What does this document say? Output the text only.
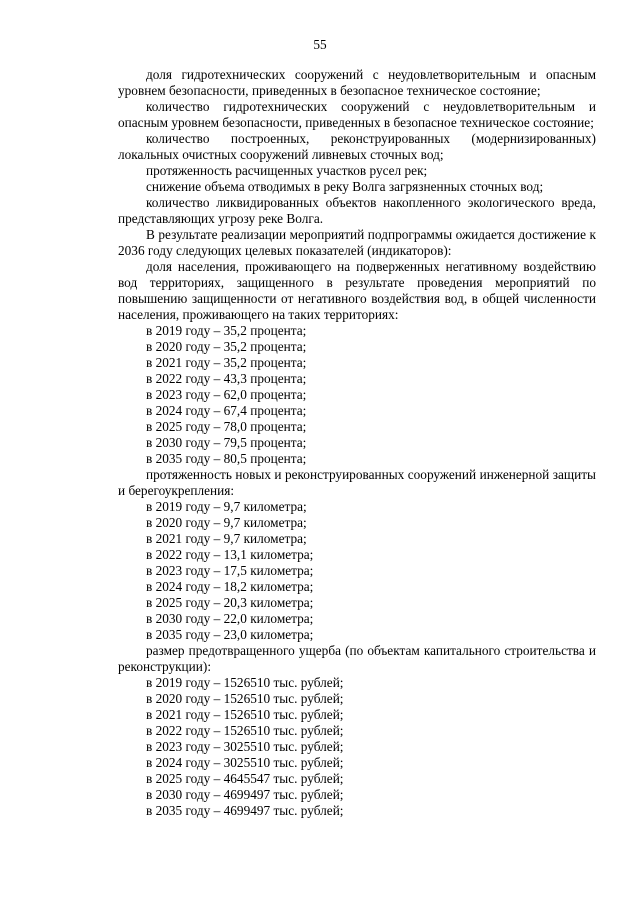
55

доля гидротехнических сооружений с неудовлетворительным и опасным уровнем безопасности, приведенных в безопасное техническое состояние;

количество гидротехнических сооружений с неудовлетворительным и опасным уровнем безопасности, приведенных в безопасное техническое состояние;

количество построенных, реконструированных (модернизированных) локальных очистных сооружений ливневых сточных вод;

протяженность расчищенных участков русел рек;

снижение объема отводимых в реку Волга загрязненных сточных вод;

количество ликвидированных объектов накопленного экологического вреда, представляющих угрозу реке Волга.

В результате реализации мероприятий подпрограммы ожидается достижение к 2036 году следующих целевых показателей (индикаторов):

доля населения, проживающего на подверженных негативному воздействию вод территориях, защищенного в результате проведения мероприятий по повышению защищенности от негативного воздействия вод, в общей численности населения, проживающего на таких территориях:

в 2019 году – 35,2 процента;

в 2020 году – 35,2 процента;

в 2021 году – 35,2 процента;

в 2022 году – 43,3 процента;

в 2023 году – 62,0 процента;

в 2024 году – 67,4 процента;

в 2025 году – 78,0 процента;

в 2030 году – 79,5 процента;

в 2035 году – 80,5 процента;

протяженность новых и реконструированных сооружений инженерной защиты и берегоукрепления:

в 2019 году – 9,7 километра;

в 2020 году – 9,7 километра;

в 2021 году – 9,7 километра;

в 2022 году – 13,1 километра;

в 2023 году – 17,5 километра;

в 2024 году – 18,2 километра;

в 2025 году – 20,3 километра;

в 2030 году – 22,0 километра;

в 2035 году – 23,0 километра;

размер предотвращенного ущерба (по объектам капитального строительства и реконструкции):

в 2019 году – 1526510 тыс. рублей;

в 2020 году – 1526510 тыс. рублей;

в 2021 году – 1526510 тыс. рублей;

в 2022 году – 1526510 тыс. рублей;

в 2023 году – 3025510 тыс. рублей;

в 2024 году – 3025510 тыс. рублей;

в 2025 году – 4645547 тыс. рублей;

в 2030 году – 4699497 тыс. рублей;

в 2035 году – 4699497 тыс. рублей;
